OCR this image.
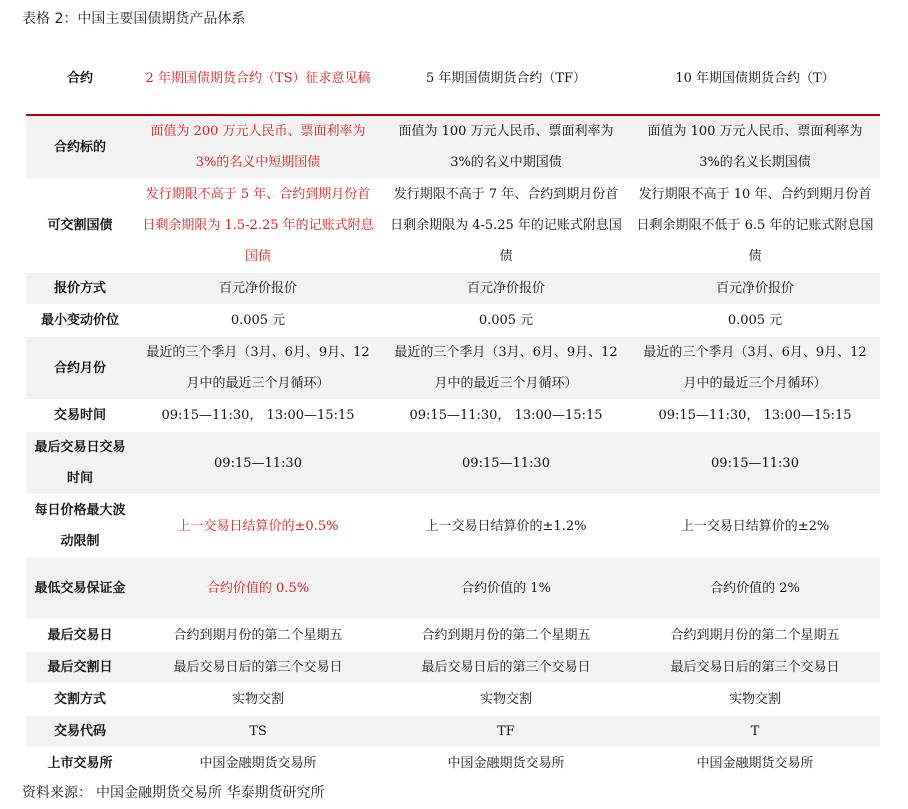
表格 2：中国主要国债期货产品体系
合约	2 年期国债期货合约（TS）征求意见稿	5 年期国债期货合约（TF）	10 年期国债期货合约（T）
合约标的	面值为 200 万元人民币、票面利率为 3%的名义中短期国债	面值为 100 万元人民币、票面利率为 3%的名义中期国债	面值为 100 万元人民币、票面利率为 3%的名义长期国债
可交割国债	发行期限不高于 5 年、合约到期月份首日剩余期限为 1.5-2.25 年的记账式附息国债	发行期限不高于 7 年、合约到期月份首日剩余期限为 4-5.25 年的记账式附息国债	发行期限不高于 10 年、合约到期月份首日剩余期限不低于 6.5 年的记账式附息国债
报价方式	百元净价报价	百元净价报价	百元净价报价
最小变动价位	0.005 元	0.005 元	0.005 元
合约月份	最近的三个季月（3月、6月、9月、12 月中的最近三个月循环）	最近的三个季月（3月、6月、9月、12 月中的最近三个月循环）	最近的三个季月（3月、6月、9月、12 月中的最近三个月循环）
交易时间	09:15—11:30， 13:00—15:15	09:15—11:30， 13:00—15:15	09:15—11:30， 13:00—15:15
最后交易日交易时间	09:15—11:30	09:15—11:30	09:15—11:30
每日价格最大波动限制	上一交易日结算价的±0.5%	上一交易日结算价的±1.2%	上一交易日结算价的±2%
最低交易保证金	合约价值的 0.5%	合约价值的 1%	合约价值的 2%
最后交易日	合约到期月份的第二个星期五	合约到期月份的第二个星期五	合约到期月份的第二个星期五
最后交割日	最后交易日后的第三个交易日	最后交易日后的第三个交易日	最后交易日后的第三个交易日
交割方式	实物交割	实物交割	实物交割
交易代码	TS	TF	T
上市交易所	中国金融期货交易所	中国金融期货交易所	中国金融期货交易所
资料来源： 中国金融期货交易所 华泰期货研究所
